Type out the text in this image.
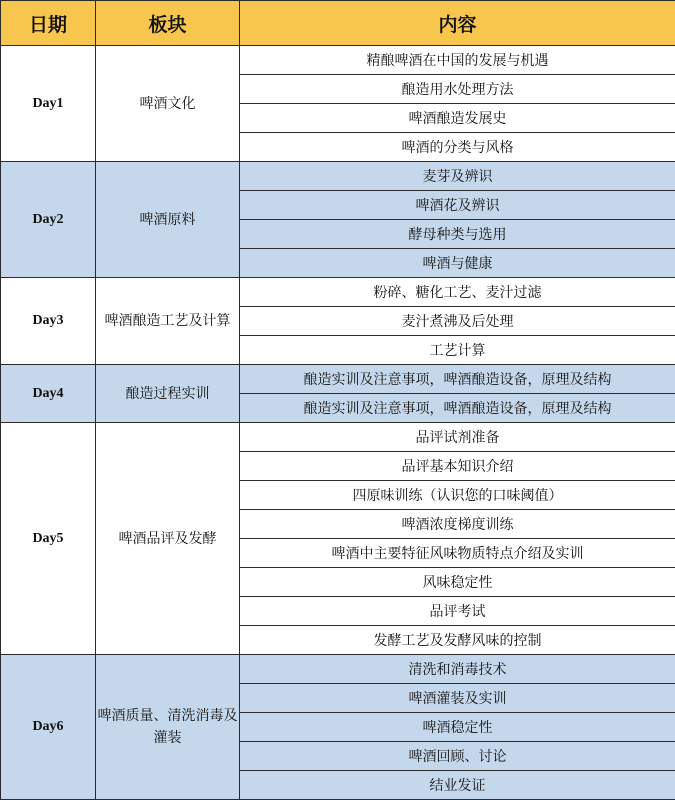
日期	板块	内容
Day1	啤酒文化	精酿啤酒在中国的发展与机遇
		酿造用水处理方法
		啤酒酿造发展史
		啤酒的分类与风格
Day2	啤酒原料	麦芽及辨识
		啤酒花及辨识
		酵母种类与选用
		啤酒与健康
Day3	啤酒酿造工艺及计算	粉碎、糖化工艺、麦汁过滤
		麦汁煮沸及后处理
		工艺计算
Day4	酿造过程实训	酿造实训及注意事项，啤酒酿造设备，原理及结构
		酿造实训及注意事项，啤酒酿造设备，原理及结构
Day5	啤酒品评及发酵	品评试剂准备
		品评基本知识介绍
		四原味训练（认识您的口味阈值）
		啤酒浓度梯度训练
		啤酒中主要特征风味物质特点介绍及实训
		风味稳定性
		品评考试
		发酵工艺及发酵风味的控制
Day6	啤酒质量、清洗消毒及灌装	清洗和消毒技术
		啤酒灌装及实训
		啤酒稳定性
		啤酒回顾、讨论
		结业发证
